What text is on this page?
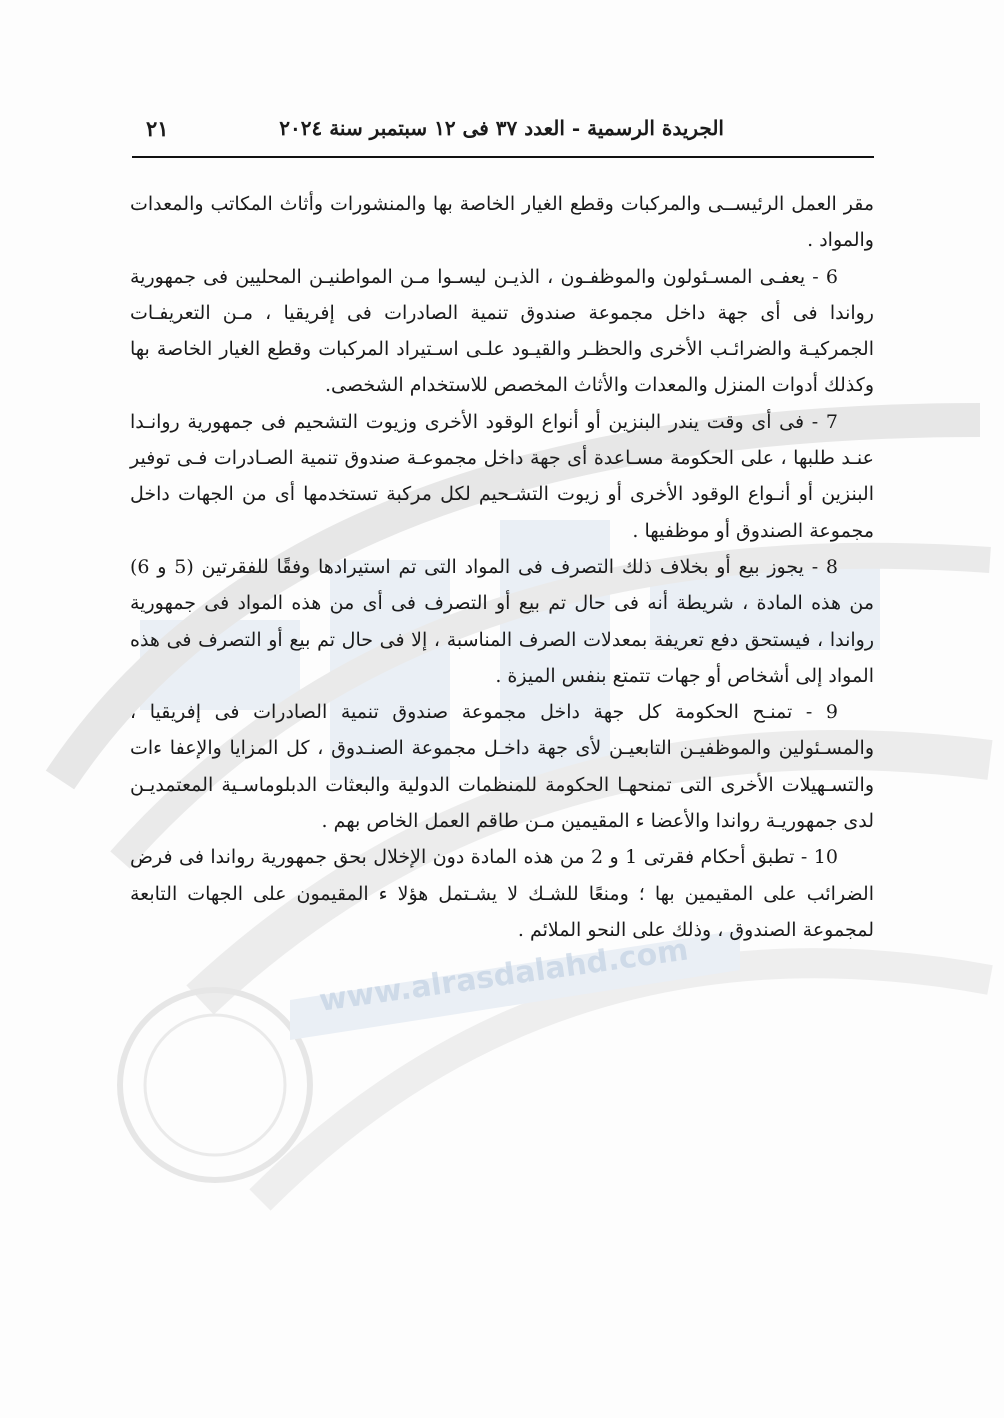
www.alrasdalahd.com
الجريدة الرسمية - العدد ٣٧ فى ١٢ سبتمبر سنة ٢٠٢٤
٢١

مقر العمل الرئيســى والمركبات وقطع الغيار الخاصة بها والمنشورات وأثاث المكاتب والمعدات والمواد .

6 - يعفـى المسـئولون والموظفـون ، الذيـن ليسـوا مـن المواطنيـن المحليين فى جمهورية رواندا فى أى جهة داخل مجموعة صندوق تنمية الصادرات فى إفريقيا ، مـن التعريفـات الجمركيـة والضرائـب الأخرى والحظـر والقيـود علـى اسـتيراد المركبات وقطع الغيار الخاصة بها وكذلك أدوات المنزل والمعدات والأثاث المخصص للاستخدام الشخصى.

7 - فى أى وقت يندر البنزين أو أنواع الوقود الأخرى وزيوت التشحيم فى جمهورية روانـدا عنـد طلبها ، على الحكومة مسـاعدة أى جهة داخل مجموعـة صندوق تنمية الصـادرات فـى توفير البنزين أو أنـواع الوقود الأخرى أو زيوت التشـحيم لكل مركبة تستخدمها أى من الجهات داخل مجموعة الصندوق أو موظفيها .

8 - يجوز بيع أو بخلاف ذلك التصرف فى المواد التى تم استيرادها وفقًا للفقرتين (5 و 6) من هذه المادة ، شريطة أنه فى حال تم بيع أو التصرف فى أى من هذه المواد فى جمهورية رواندا ، فيستحق دفع تعريفة بمعدلات الصرف المناسبة ، إلا فى حال تم بيع أو التصرف فى هذه المواد إلى أشخاص أو جهات تتمتع بنفس الميزة .

9 - تمنـح الحكومة كل جهة داخل مجموعة صندوق تنمية الصادرات فى إفريقيا ، والمسـئولين والموظفيـن التابعيـن لأى جهة داخـل مجموعة الصنـدوق ، كل المزايا والإعفا ءات والتسـهيلات الأخرى التى تمنحهـا الحكومة للمنظمات الدولية والبعثات الدبلوماسـية المعتمديـن لدى جمهوريـة رواندا والأعضا ء المقيمين مـن طاقم العمل الخاص بهم .

10 - تطبق أحكام فقرتى 1 و 2 من هذه المادة دون الإخلال بحق جمهورية رواندا فى فرض الضرائب على المقيمين بها ؛ ومنعًا للشـك لا يشـتمل هؤلا ء المقيمون على الجهات التابعة لمجموعة الصندوق ، وذلك على النحو الملائم .
